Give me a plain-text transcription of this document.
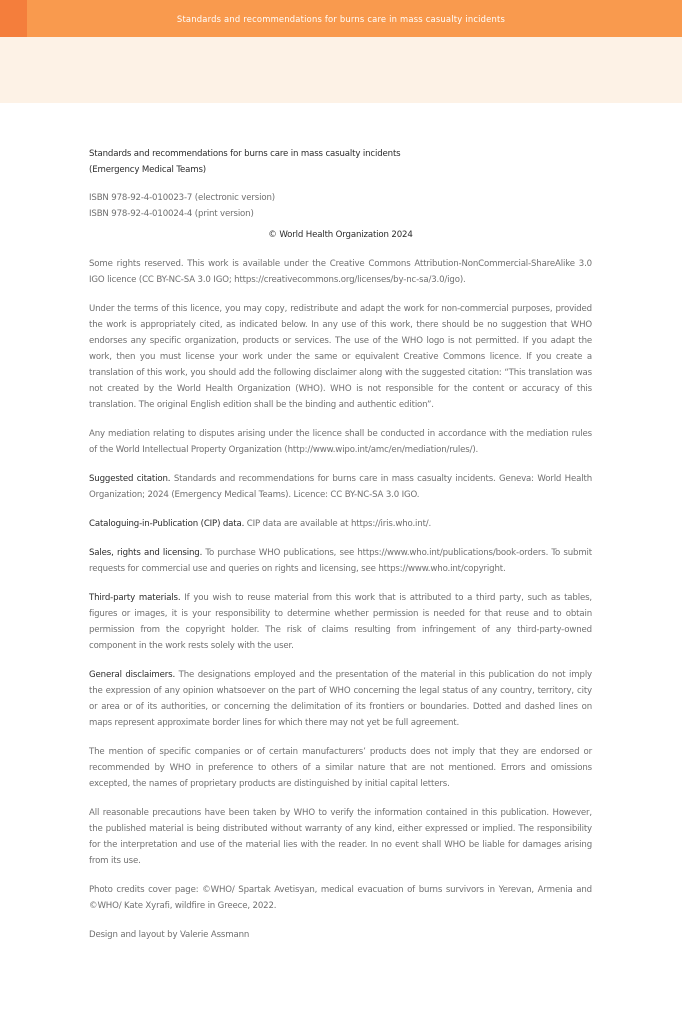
Standards and recommendations for burns care in mass casualty incidents
Standards and recommendations for burns care in mass casualty incidents
(Emergency Medical Teams)
ISBN 978-92-4-010023-7 (electronic version)
ISBN 978-92-4-010024-4 (print version)
© World Health Organization 2024

Some rights reserved. This work is available under the Creative Commons Attribution-NonCommercial-ShareAlike 3.0 IGO licence (CC BY-NC-SA 3.0 IGO; https://creativecommons.org/licenses/by-nc-sa/3.0/igo).

Under the terms of this licence, you may copy, redistribute and adapt the work for non-commercial purposes, provided the work is appropriately cited, as indicated below. In any use of this work, there should be no suggestion that WHO endorses any specific organization, products or services. The use of the WHO logo is not permitted. If you adapt the work, then you must license your work under the same or equivalent Creative Commons licence. If you create a translation of this work, you should add the following disclaimer along with the suggested citation: “This translation was not created by the World Health Organization (WHO). WHO is not responsible for the content or accuracy of this translation. The original English edition shall be the binding and authentic edition”.

Any mediation relating to disputes arising under the licence shall be conducted in accordance with the mediation rules of the World Intellectual Property Organization (http://www.wipo.int/amc/en/mediation/rules/).

Suggested citation. Standards and recommendations for burns care in mass casualty incidents. Geneva: World Health Organization; 2024 (Emergency Medical Teams). Licence: CC BY-NC-SA 3.0 IGO.

Cataloguing-in-Publication (CIP) data. CIP data are available at https://iris.who.int/.

Sales, rights and licensing. To purchase WHO publications, see https://www.who.int/publications/book-orders. To submit requests for commercial use and queries on rights and licensing, see https://www.who.int/copyright.

Third-party materials. If you wish to reuse material from this work that is attributed to a third party, such as tables, figures or images, it is your responsibility to determine whether permission is needed for that reuse and to obtain permission from the copyright holder. The risk of claims resulting from infringement of any third-party-owned component in the work rests solely with the user.

General disclaimers. The designations employed and the presentation of the material in this publication do not imply the expression of any opinion whatsoever on the part of WHO concerning the legal status of any country, territory, city or area or of its authorities, or concerning the delimitation of its frontiers or boundaries. Dotted and dashed lines on maps represent approximate border lines for which there may not yet be full agreement.

The mention of specific companies or of certain manufacturers’ products does not imply that they are endorsed or recommended by WHO in preference to others of a similar nature that are not mentioned. Errors and omissions excepted, the names of proprietary products are distinguished by initial capital letters.

All reasonable precautions have been taken by WHO to verify the information contained in this publication. However, the published material is being distributed without warranty of any kind, either expressed or implied. The responsibility for the interpretation and use of the material lies with the reader. In no event shall WHO be liable for damages arising from its use.

Photo credits cover page: ©WHO/ Spartak Avetisyan, medical evacuation of burns survivors in Yerevan, Armenia and ©WHO/ Kate Xyrafi, wildfire in Greece, 2022.

Design and layout by Valerie Assmann
